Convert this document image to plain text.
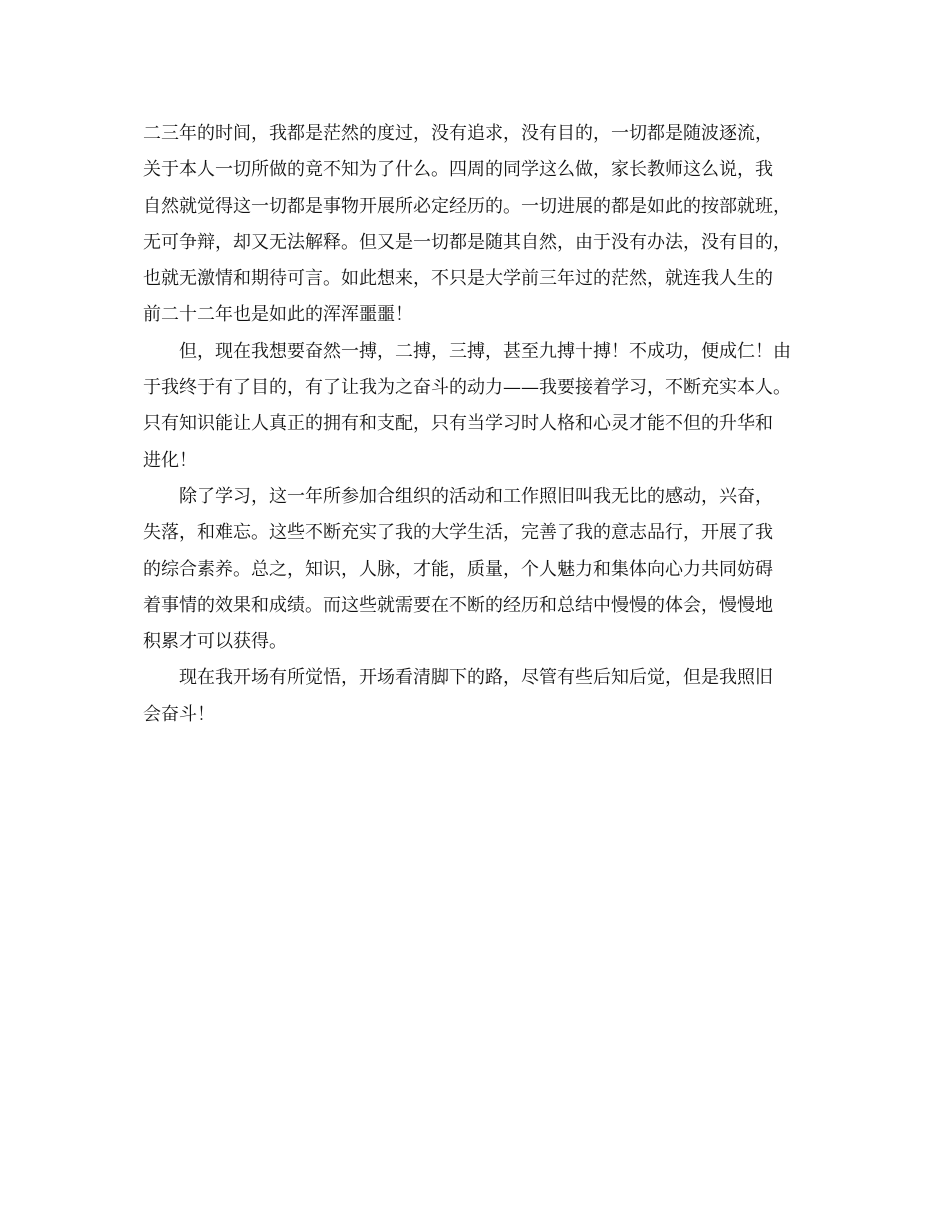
二三年的时间，我都是茫然的度过，没有追求，没有目的，一切都是随波逐流，
关于本人一切所做的竟不知为了什么。四周的同学这么做，家长教师这么说，我
自然就觉得这一切都是事物开展所必定经历的。一切进展的都是如此的按部就班，
无可争辩，却又无法解释。但又是一切都是随其自然，由于没有办法，没有目的，
也就无激情和期待可言。如此想来，不只是大学前三年过的茫然，就连我人生的
前二十二年也是如此的浑浑噩噩！
　　但，现在我想要奋然一搏，二搏，三搏，甚至九搏十搏！不成功，便成仁！由
于我终于有了目的，有了让我为之奋斗的动力——我要接着学习，不断充实本人。
只有知识能让人真正的拥有和支配，只有当学习时人格和心灵才能不但的升华和
进化！
　　除了学习，这一年所参加合组织的活动和工作照旧叫我无比的感动，兴奋，
失落，和难忘。这些不断充实了我的大学生活，完善了我的意志品行，开展了我
的综合素养。总之，知识，人脉，才能，质量，个人魅力和集体向心力共同妨碍
着事情的效果和成绩。而这些就需要在不断的经历和总结中慢慢的体会，慢慢地
积累才可以获得。
　　现在我开场有所觉悟，开场看清脚下的路，尽管有些后知后觉，但是我照旧
会奋斗！
